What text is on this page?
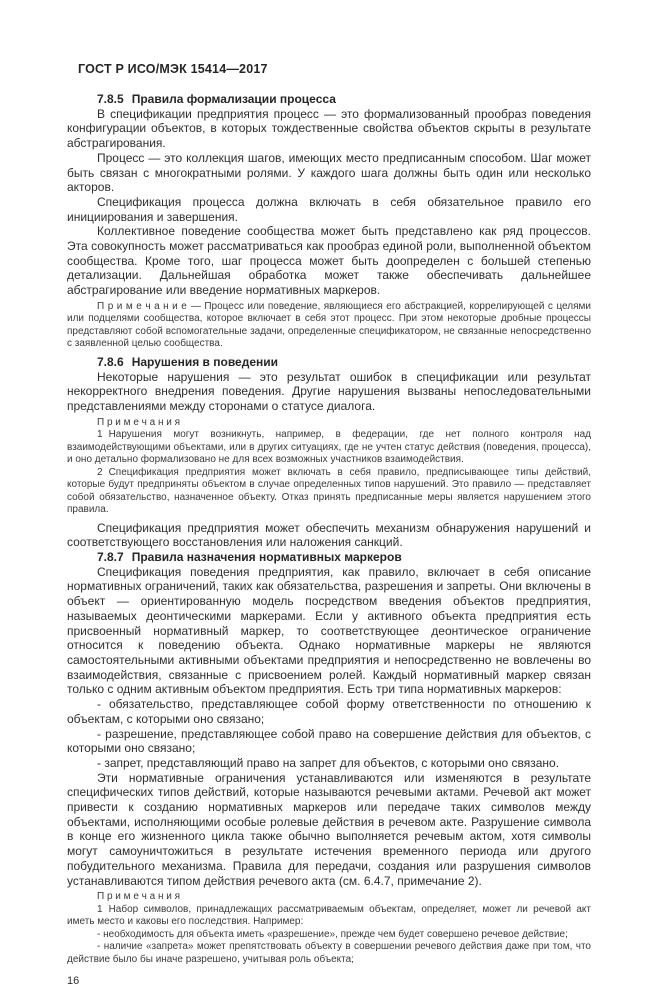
ГОСТ Р ИСО/МЭК 15414—2017
7.8.5 Правила формализации процесса

В спецификации предприятия процесс — это формализованный прообраз поведения конфигурации объектов, в которых тождественные свойства объектов скрыты в результате абстрагирования.

Процесс — это коллекция шагов, имеющих место предписанным способом. Шаг может быть связан с многократными ролями. У каждого шага должны быть один или несколько акторов.

Спецификация процесса должна включать в себя обязательное правило его инициирования и завершения.

Коллективное поведение сообщества может быть представлено как ряд процессов. Эта совокупность может рассматриваться как прообраз единой роли, выполненной объектом сообщества. Кроме того, шаг процесса может быть доопределен с большей степенью детализации. Дальнейшая обработка может также обеспечивать дальнейшее абстрагирование или введение нормативных маркеров.

П р и м е ч а н и е — Процесс или поведение, являющиеся его абстракцией, коррелирующей с целями или подцелями сообщества, которое включает в себя этот процесс. При этом некоторые дробные процессы представляют собой вспомогательные задачи, определенные спецификатором, не связанные непосредственно с заявленной целью сообщества.

7.8.6 Нарушения в поведении

Некоторые нарушения — это результат ошибок в спецификации или результат некорректного внедрения поведения. Другие нарушения вызваны непоследовательными представлениями между сторонами о статусе диалога.

П р и м е ч а н и я

1 Нарушения могут возникнуть, например, в федерации, где нет полного контроля над взаимодействующими объектами, или в других ситуациях, где не учтен статус действия (поведения, процесса), и оно детально формализовано не для всех возможных участников взаимодействия.

2 Спецификация предприятия может включать в себя правило, предписывающее типы действий, которые будут предприняты объектом в случае определенных типов нарушений. Это правило — представляет собой обязательство, назначенное объекту. Отказ принять предписанные меры является нарушением этого правила.

Спецификация предприятия может обеспечить механизм обнаружения нарушений и соответствующего восстановления или наложения санкций.

7.8.7 Правила назначения нормативных маркеров

Спецификация поведения предприятия, как правило, включает в себя описание нормативных ограничений, таких как обязательства, разрешения и запреты. Они включены в объект — ориентированную модель посредством введения объектов предприятия, называемых деонтическими маркерами. Если у активного объекта предприятия есть присвоенный нормативный маркер, то соответствующее деонтическое ограничение относится к поведению объекта. Однако нормативные маркеры не являются самостоятельными активными объектами предприятия и непосредственно не вовлечены во взаимодействия, связанные с присвоением ролей. Каждый нормативный маркер связан только с одним активным объектом предприятия. Есть три типа нормативных маркеров:

- обязательство, представляющее собой форму ответственности по отношению к объектам, с которыми оно связано;

- разрешение, представляющее собой право на совершение действия для объектов, с которыми оно связано;

- запрет, представляющий право на запрет для объектов, с которыми оно связано.

Эти нормативные ограничения устанавливаются или изменяются в результате специфических типов действий, которые называются речевыми актами. Речевой акт может привести к созданию нормативных маркеров или передаче таких символов между объектами, исполняющими особые ролевые действия в речевом акте. Разрушение символа в конце его жизненного цикла также обычно выполняется речевым актом, хотя символы могут самоуничтожиться в результате истечения временного периода или другого побудительного механизма. Правила для передачи, создания или разрушения символов устанавливаются типом действия речевого акта (см. 6.4.7, примечание 2).

П р и м е ч а н и я

1 Набор символов, принадлежащих рассматриваемым объектам, определяет, может ли речевой акт иметь место и каковы его последствия. Например:

- необходимость для объекта иметь «разрешение», прежде чем будет совершено речевое действие;

- наличие «запрета» может препятствовать объекту в совершении речевого действия даже при том, что действие было бы иначе разрешено, учитывая роль объекта;

16
